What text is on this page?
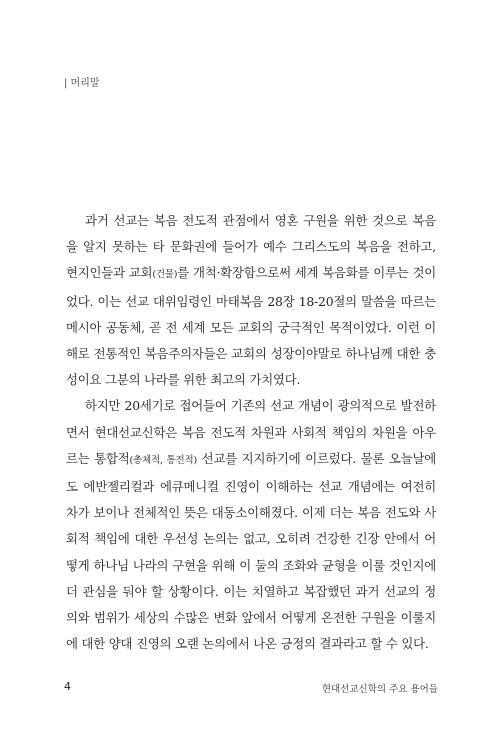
| 머리말

과거 선교는 복음 전도적 관점에서 영혼 구원을 위한 것으로 복음을 알지 못하는 타 문화권에 들어가 예수 그리스도의 복음을 전하고, 현지인들과 교회(건물)를 개척·확장함으로써 세계 복음화를 이루는 것이었다. 이는 선교 대위임령인 마태복음 28장 18-20절의 말씀을 따르는 메시아 공동체, 곧 전 세계 모든 교회의 궁극적인 목적이었다. 이런 이해로 전통적인 복음주의자들은 교회의 성장이야말로 하나님께 대한 충성이요 그분의 나라를 위한 최고의 가치였다.

하지만 20세기로 접어들어 기존의 선교 개념이 광의적으로 발전하면서 현대선교신학은 복음 전도적 차원과 사회적 책임의 차원을 아우르는 통합적(총체적, 통전적) 선교를 지지하기에 이르렀다. 물론 오늘날에도 에반젤리컬과 에큐메니컬 진영이 이해하는 선교 개념에는 여전히 차가 보이나 전체적인 뜻은 대동소이해졌다. 이제 더는 복음 전도와 사회적 책임에 대한 우선성 논의는 없고, 오히려 건강한 긴장 안에서 어떻게 하나님 나라의 구현을 위해 이 둘의 조화와 균형을 이룰 것인지에 더 관심을 둬야 할 상황이다. 이는 치열하고 복잡했던 과거 선교의 정의와 범위가 세상의 수많은 변화 앞에서 어떻게 온전한 구원을 이룰지에 대한 양대 진영의 오랜 논의에서 나온 긍정의 결과라고 할 수 있다.

4	현대선교신학의 주요 용어들
